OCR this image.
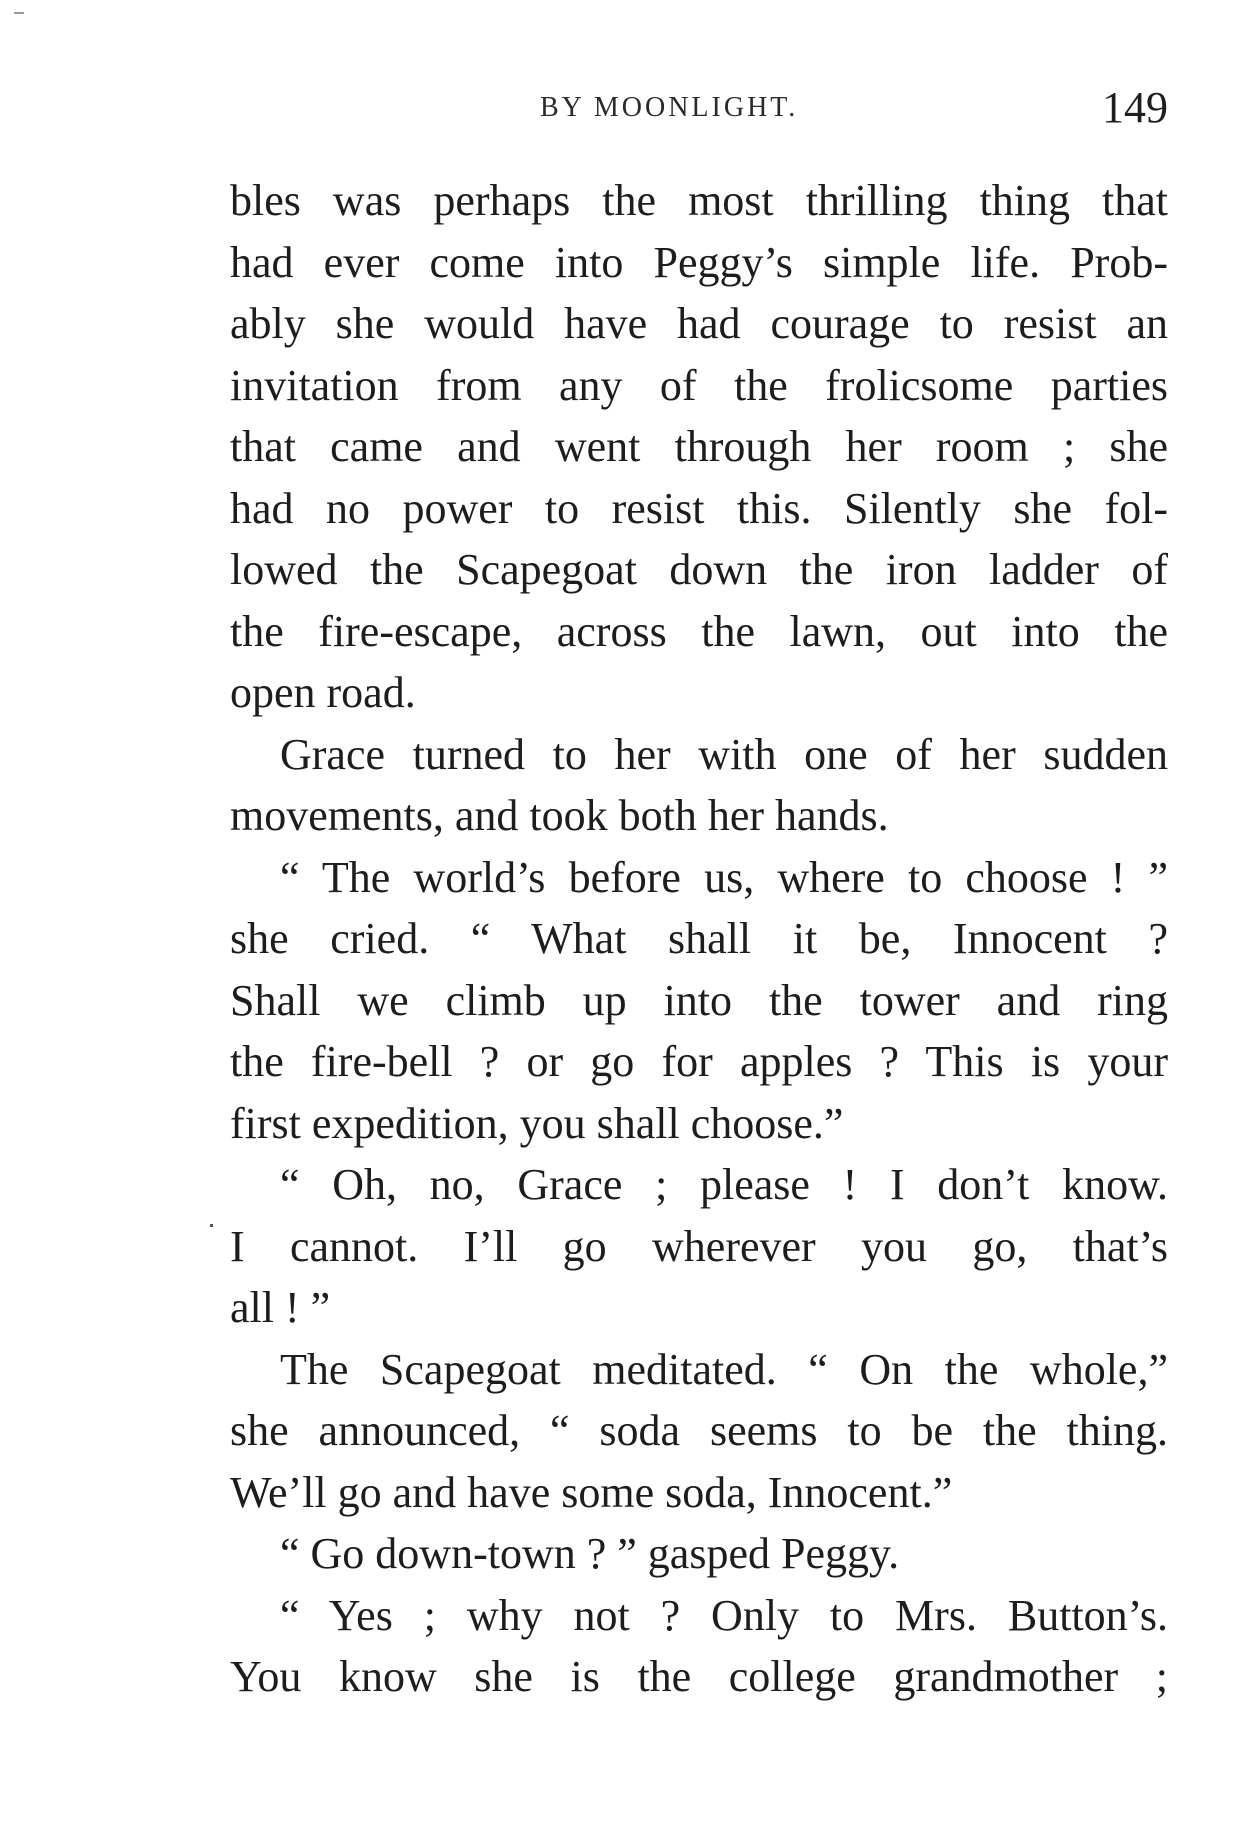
BY MOONLIGHT.	149
bles was perhaps the most thrilling thing that
had ever come into Peggy’s simple life. Prob-
ably she would have had courage to resist an
invitation from any of the frolicsome parties
that came and went through her room ; she
had no power to resist this. Silently she fol-
lowed the Scapegoat down the iron ladder of
the fire-escape, across the lawn, out into the
open road.
Grace turned to her with one of her sudden
movements, and took both her hands.
“ The world’s before us, where to choose ! ”
she cried. “ What shall it be, Innocent ?
Shall we climb up into the tower and ring
the fire-bell ? or go for apples ? This is your
first expedition, you shall choose.”
“ Oh, no, Grace ; please ! I don’t know.
I cannot. I’ll go wherever you go, that’s
all ! ”
The Scapegoat meditated. “ On the whole,”
she announced, “ soda seems to be the thing.
We’ll go and have some soda, Innocent.”
“ Go down-town ? ” gasped Peggy.
“ Yes ; why not ? Only to Mrs. Button’s.
You know she is the college grandmother ;
